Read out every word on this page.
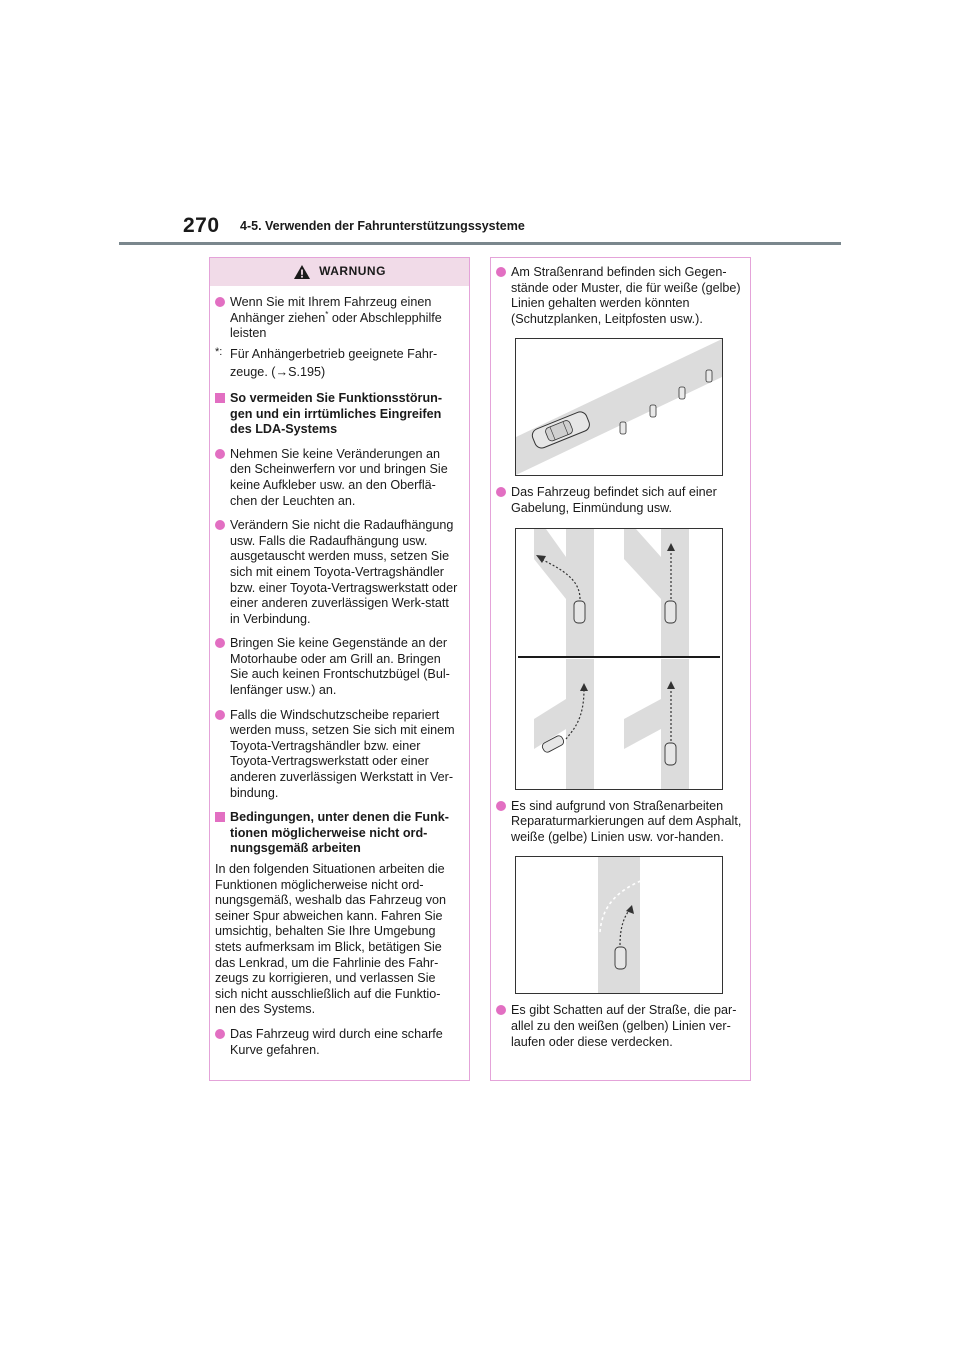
270 4-5. Verwenden der Fahrunterstützungssysteme
WARNUNG
Wenn Sie mit Ihrem Fahrzeug einen Anhänger ziehen* oder Abschlepphilfe leisten
*: Für Anhängerbetrieb geeignete Fahr-
zeuge. (→S.195)
So vermeiden Sie Funktionsstörun-gen und ein irrtümliches Eingreifen des LDA-Systems
Nehmen Sie keine Veränderungen an den Scheinwerfern vor und bringen Sie keine Aufkleber usw. an den Oberflä-chen der Leuchten an.
Verändern Sie nicht die Radaufhängung usw. Falls die Radaufhängung usw. ausgetauscht werden muss, setzen Sie sich mit einem Toyota-Vertragshändler bzw. einer Toyota-Vertragswerkstatt oder einer anderen zuverlässigen Werk-statt in Verbindung.
Bringen Sie keine Gegenstände an der Motorhaube oder am Grill an. Bringen Sie auch keinen Frontschutzbügel (Bul-lenfänger usw.) an.
Falls die Windschutzscheibe repariert werden muss, setzen Sie sich mit einem Toyota-Vertragshändler bzw. einer Toyota-Vertragswerkstatt oder einer anderen zuverlässigen Werkstatt in Ver-bindung.
Bedingungen, unter denen die Funk-tionen möglicherweise nicht ord-nungsgemäß arbeiten
In den folgenden Situationen arbeiten die Funktionen möglicherweise nicht ord-nungsgemäß, weshalb das Fahrzeug von seiner Spur abweichen kann. Fahren Sie umsichtig, behalten Sie Ihre Umgebung stets aufmerksam im Blick, betätigen Sie das Lenkrad, um die Fahrlinie des Fahr-zeugs zu korrigieren, und verlassen Sie sich nicht ausschließlich auf die Funktio-nen des Systems.
Das Fahrzeug wird durch eine scharfe Kurve gefahren.
Am Straßenrand befinden sich Gegen-stände oder Muster, die für weiße (gelbe) Linien gehalten werden könnten (Schutzplanken, Leitpfosten usw.).
Das Fahrzeug befindet sich auf einer Gabelung, Einmündung usw.
Es sind aufgrund von Straßenarbeiten Reparaturmarkierungen auf dem Asphalt, weiße (gelbe) Linien usw. vor-handen.
Es gibt Schatten auf der Straße, die par-allel zu den weißen (gelben) Linien ver-laufen oder diese verdecken.
